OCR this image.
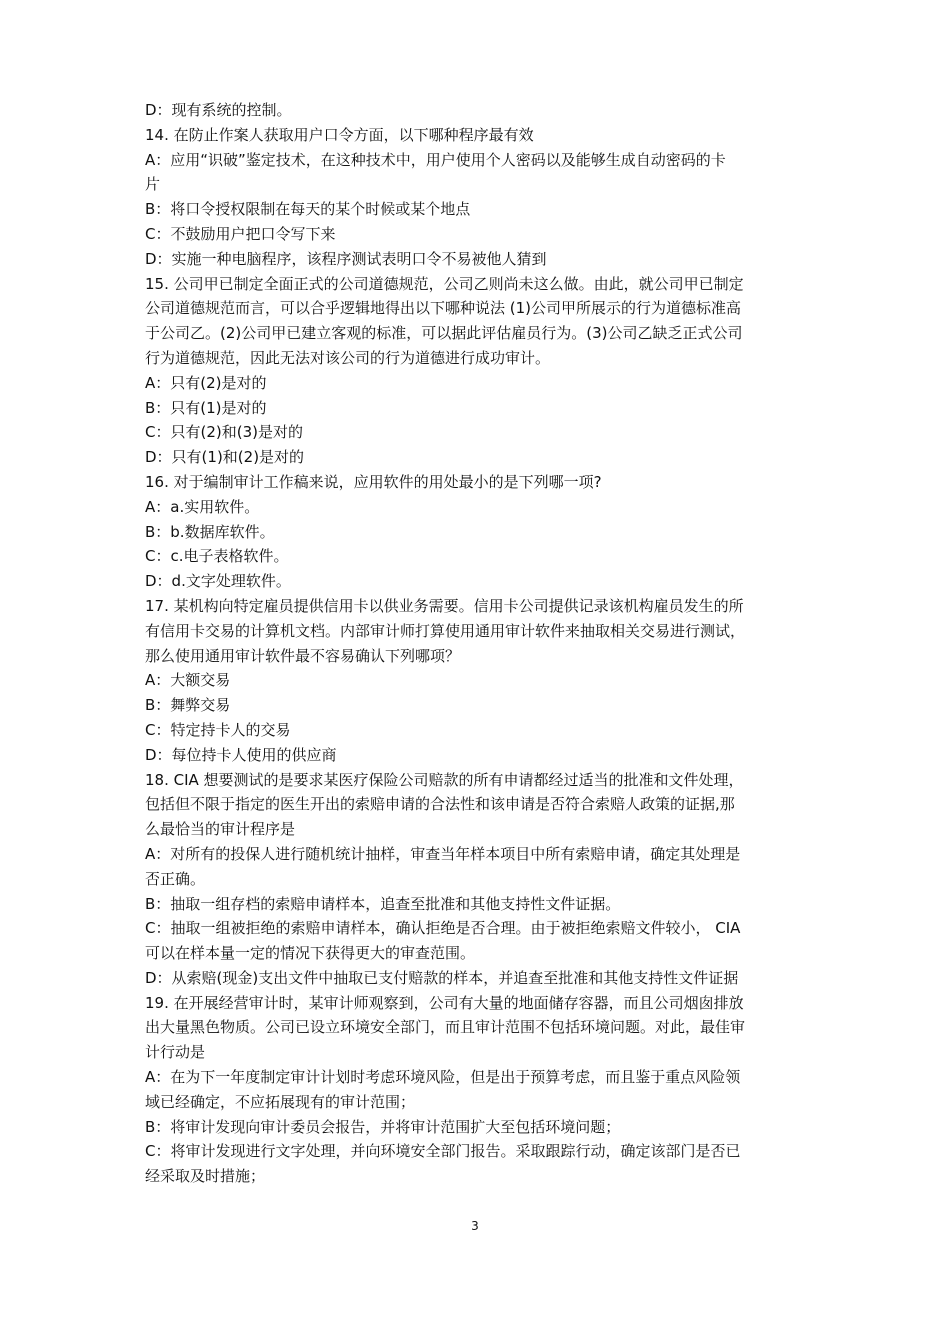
D：现有系统的控制。
14. 在防止作案人获取用户口令方面，以下哪种程序最有效
A：应用“识破”鉴定技术，在这种技术中，用户使用个人密码以及能够生成自动密码的卡
片
B：将口令授权限制在每天的某个时候或某个地点
C：不鼓励用户把口令写下来
D：实施一种电脑程序，该程序测试表明口令不易被他人猜到
15. 公司甲已制定全面正式的公司道德规范，公司乙则尚未这么做。由此，就公司甲已制定
公司道德规范而言，可以合乎逻辑地得出以下哪种说法 (1)公司甲所展示的行为道德标准高
于公司乙。(2)公司甲已建立客观的标准，可以据此评估雇员行为。(3)公司乙缺乏正式公司
行为道德规范，因此无法对该公司的行为道德进行成功审计。
A：只有(2)是对的
B：只有(1)是对的
C：只有(2)和(3)是对的
D：只有(1)和(2)是对的
16. 对于编制审计工作稿来说，应用软件的用处最小的是下列哪一项?
A：a.实用软件。
B：b.数据库软件。
C：c.电子表格软件。
D：d.文字处理软件。
17. 某机构向特定雇员提供信用卡以供业务需要。信用卡公司提供记录该机构雇员发生的所
有信用卡交易的计算机文档。内部审计师打算使用通用审计软件来抽取相关交易进行测试，
那么使用通用审计软件最不容易确认下列哪项？
A：大额交易
B：舞弊交易
C：特定持卡人的交易
D：每位持卡人使用的供应商
18. CIA 想要测试的是要求某医疗保险公司赔款的所有申请都经过适当的批准和文件处理，
包括但不限于指定的医生开出的索赔申请的合法性和该申请是否符合索赔人政策的证据,那
么最恰当的审计程序是
A：对所有的投保人进行随机统计抽样，审查当年样本项目中所有索赔申请，确定其处理是
否正确。
B：抽取一组存档的索赔申请样本，追查至批准和其他支持性文件证据。
C：抽取一组被拒绝的索赔申请样本，确认拒绝是否合理。由于被拒绝索赔文件较小， CIA
可以在样本量一定的情况下获得更大的审查范围。
D：从索赔(现金)支出文件中抽取已支付赔款的样本，并追查至批准和其他支持性文件证据
19. 在开展经营审计时，某审计师观察到，公司有大量的地面储存容器，而且公司烟囱排放
出大量黑色物质。公司已设立环境安全部门，而且审计范围不包括环境问题。对此，最佳审
计行动是
A：在为下一年度制定审计计划时考虑环境风险，但是出于预算考虑，而且鉴于重点风险领
域已经确定，不应拓展现有的审计范围；
B：将审计发现向审计委员会报告，并将审计范围扩大至包括环境问题；
C：将审计发现进行文字处理，并向环境安全部门报告。采取跟踪行动，确定该部门是否已
经采取及时措施；
3
